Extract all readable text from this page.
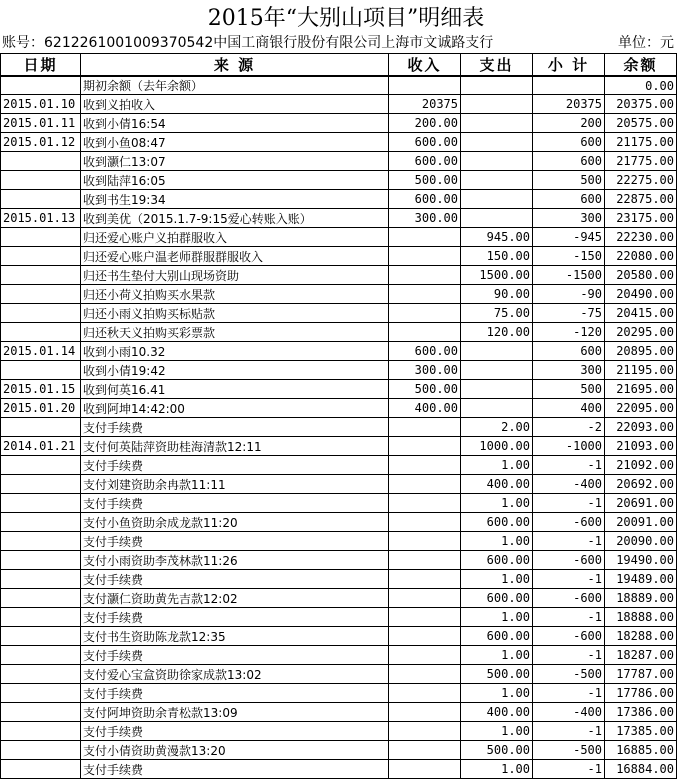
2015年“大别山项目”明细表
账号：6212261001009370542中国工商银行股份有限公司上海市文诚路支行	单位：元
日期	来 源	收入	支出	小 计	余额
	期初余额（去年余额）				0.00
2015.01.10	收到义拍收入	20375		20375	20375.00
2015.01.11	收到小倩16:54	200.00		200	20575.00
2015.01.12	收到小鱼08:47	600.00		600	21175.00
	收到灏仁13:07	600.00		600	21775.00
	收到陆萍16:05	500.00		500	22275.00
	收到书生19:34	600.00		600	22875.00
2015.01.13	收到美优（2015.1.7-9:15爱心转账入账）	300.00		300	23175.00
	归还爱心账户义拍群服收入		945.00	-945	22230.00
	归还爱心账户温老师群服群服收入		150.00	-150	22080.00
	归还书生垫付大别山现场资助		1500.00	-1500	20580.00
	归还小荷义拍购买水果款		90.00	-90	20490.00
	归还小雨义拍购买标贴款		75.00	-75	20415.00
	归还秋天义拍购买彩票款		120.00	-120	20295.00
2015.01.14	收到小雨10.32	600.00		600	20895.00
	收到小倩19:42	300.00		300	21195.00
2015.01.15	收到何英16.41	500.00		500	21695.00
2015.01.20	收到阿坤14:42:00	400.00		400	22095.00
	支付手续费		2.00	-2	22093.00
2014.01.21	支付何英陆萍资助桂海清款12:11		1000.00	-1000	21093.00
	支付手续费		1.00	-1	21092.00
	支付刘建资助余冉款11:11		400.00	-400	20692.00
	支付手续费		1.00	-1	20691.00
	支付小鱼资助余成龙款11:20		600.00	-600	20091.00
	支付手续费		1.00	-1	20090.00
	支付小雨资助李茂林款11:26		600.00	-600	19490.00
	支付手续费		1.00	-1	19489.00
	支付灏仁资助黄先吉款12:02		600.00	-600	18889.00
	支付手续费		1.00	-1	18888.00
	支付书生资助陈龙款12:35		600.00	-600	18288.00
	支付手续费		1.00	-1	18287.00
	支付爱心宝盒资助徐家成款13:02		500.00	-500	17787.00
	支付手续费		1.00	-1	17786.00
	支付阿坤资助余青松款13:09		400.00	-400	17386.00
	支付手续费		1.00	-1	17385.00
	支付小倩资助黄漫款13:20		500.00	-500	16885.00
	支付手续费		1.00	-1	16884.00
